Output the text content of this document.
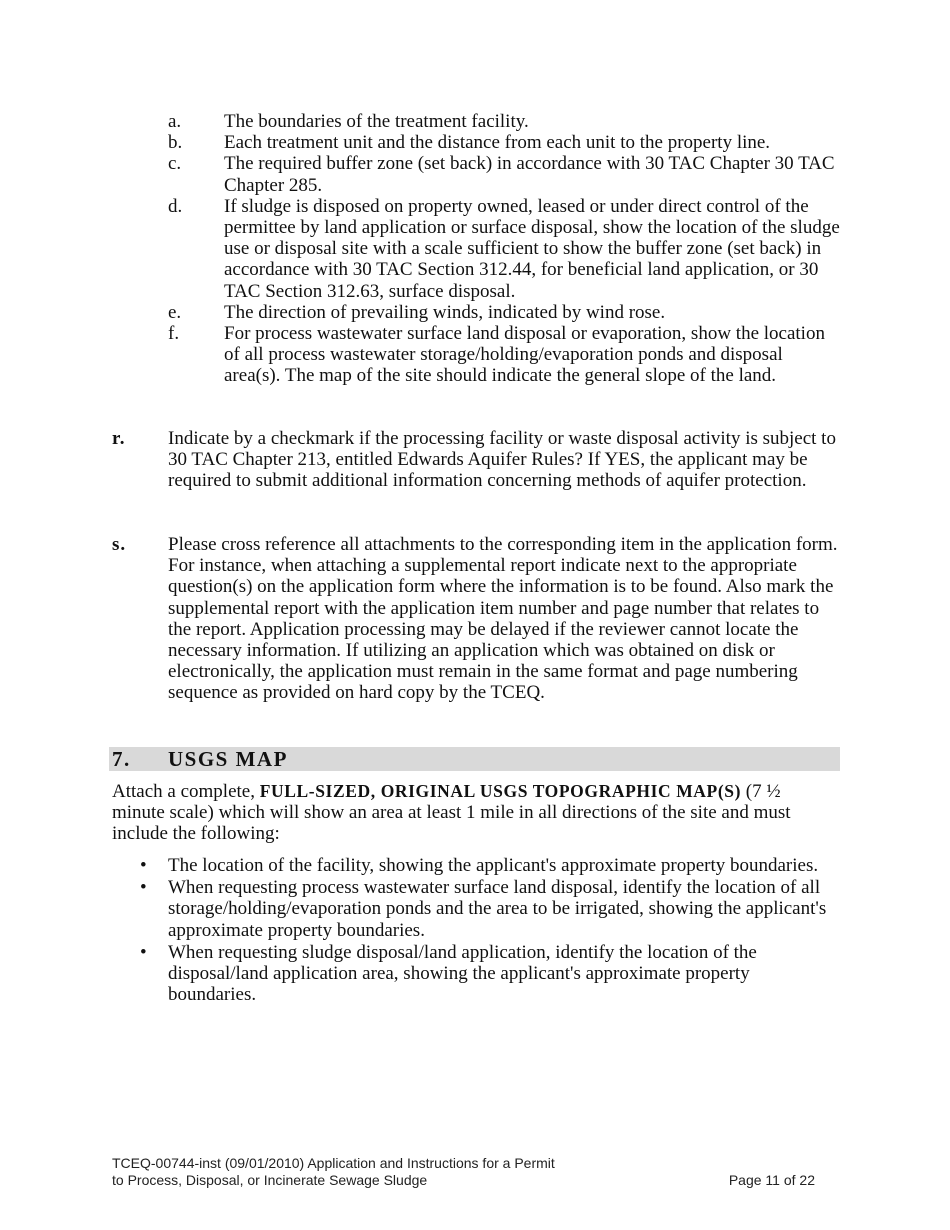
a. The boundaries of the treatment facility.
b. Each treatment unit and the distance from each unit to the property line.
c. The required buffer zone (set back) in accordance with 30 TAC Chapter 30 TAC Chapter 285.
d. If sludge is disposed on property owned, leased or under direct control of the permittee by land application or surface disposal, show the location of the sludge use or disposal site with a scale sufficient to show the buffer zone (set back) in accordance with 30 TAC Section 312.44, for beneficial land application, or 30 TAC Section 312.63, surface disposal.
e. The direction of prevailing winds, indicated by wind rose.
f. For process wastewater surface land disposal or evaporation, show the location of all process wastewater storage/holding/evaporation ponds and disposal area(s). The map of the site should indicate the general slope of the land.
r. Indicate by a checkmark if the processing facility or waste disposal activity is subject to 30 TAC Chapter 213, entitled Edwards Aquifer Rules? If YES, the applicant may be required to submit additional information concerning methods of aquifer protection.
s. Please cross reference all attachments to the corresponding item in the application form. For instance, when attaching a supplemental report indicate next to the appropriate question(s) on the application form where the information is to be found. Also mark the supplemental report with the application item number and page number that relates to the report. Application processing may be delayed if the reviewer cannot locate the necessary information. If utilizing an application which was obtained on disk or electronically, the application must remain in the same format and page numbering sequence as provided on hard copy by the TCEQ.
7. USGS MAP
Attach a complete, FULL-SIZED, ORIGINAL USGS TOPOGRAPHIC MAP(S) (7 ½ minute scale) which will show an area at least 1 mile in all directions of the site and must include the following:
• The location of the facility, showing the applicant's approximate property boundaries.
• When requesting process wastewater surface land disposal, identify the location of all storage/holding/evaporation ponds and the area to be irrigated, showing the applicant's approximate property boundaries.
• When requesting sludge disposal/land application, identify the location of the disposal/land application area, showing the applicant's approximate property boundaries.
TCEQ-00744-inst (09/01/2010) Application and Instructions for a Permit
to Process, Disposal, or Incinerate Sewage Sludge	Page 11 of 22
